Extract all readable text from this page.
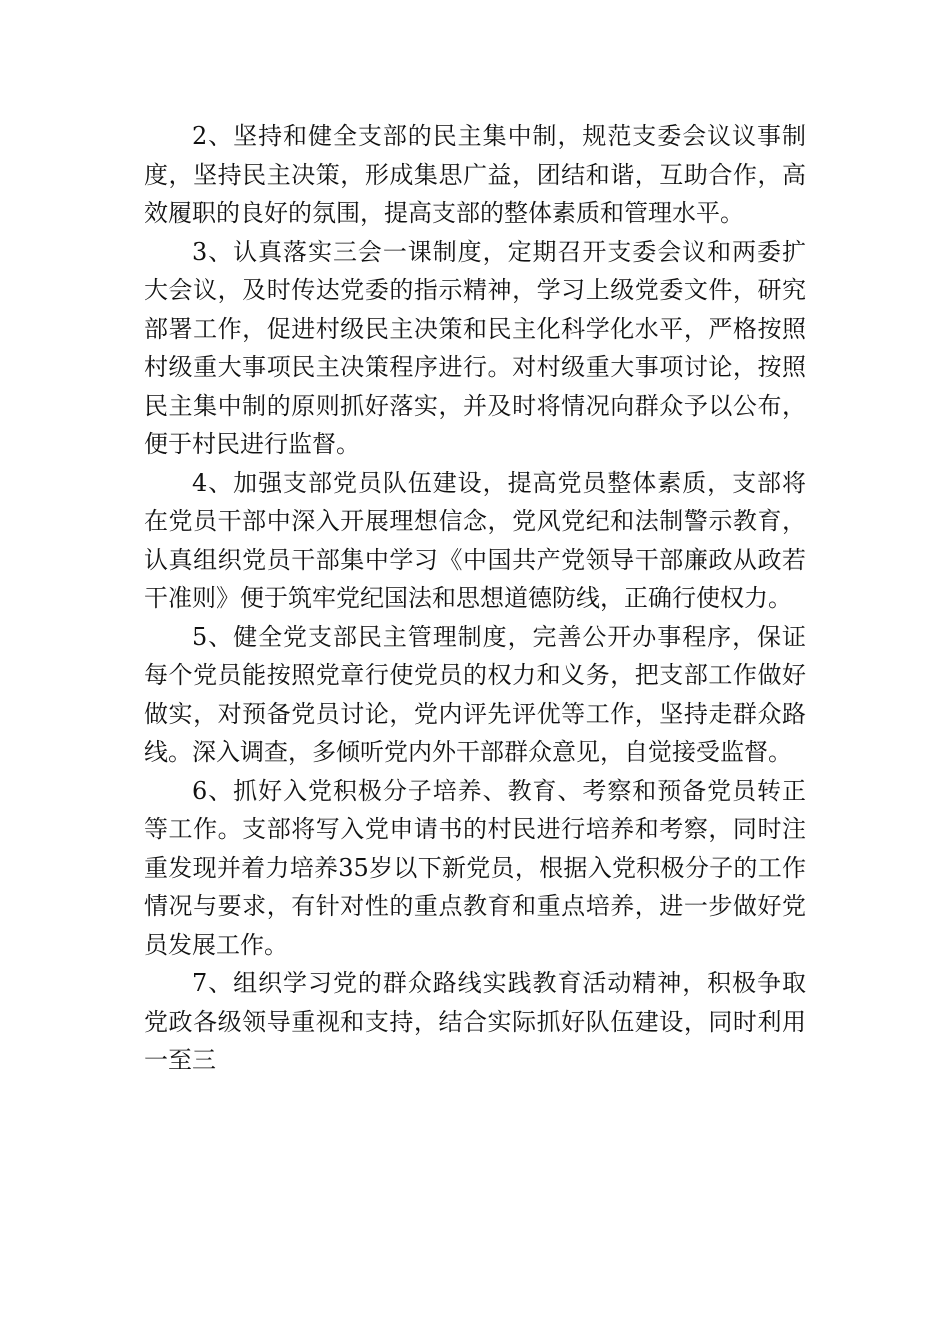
2、坚持和健全支部的民主集中制，规范支委会议议事制度，坚持民主决策，形成集思广益，团结和谐，互助合作，高效履职的良好的氛围，提高支部的整体素质和管理水平。

3、认真落实三会一课制度，定期召开支委会议和两委扩大会议，及时传达党委的指示精神，学习上级党委文件，研究部署工作，促进村级民主决策和民主化科学化水平，严格按照村级重大事项民主决策程序进行。对村级重大事项讨论，按照民主集中制的原则抓好落实，并及时将情况向群众予以公布，便于村民进行监督。

4、加强支部党员队伍建设，提高党员整体素质，支部将在党员干部中深入开展理想信念，党风党纪和法制警示教育，认真组织党员干部集中学习《中国共产党领导干部廉政从政若干准则》便于筑牢党纪国法和思想道德防线，正确行使权力。

5、健全党支部民主管理制度，完善公开办事程序，保证每个党员能按照党章行使党员的权力和义务，把支部工作做好做实，对预备党员讨论，党内评先评优等工作，坚持走群众路线。深入调查，多倾听党内外干部群众意见，自觉接受监督。

6、抓好入党积极分子培养、教育、考察和预备党员转正等工作。支部将写入党申请书的村民进行培养和考察，同时注重发现并着力培养35岁以下新党员，根据入党积极分子的工作情况与要求，有针对性的重点教育和重点培养，进一步做好党员发展工作。

7、组织学习党的群众路线实践教育活动精神，积极争取党政各级领导重视和支持，结合实际抓好队伍建设，同时利用一至三
